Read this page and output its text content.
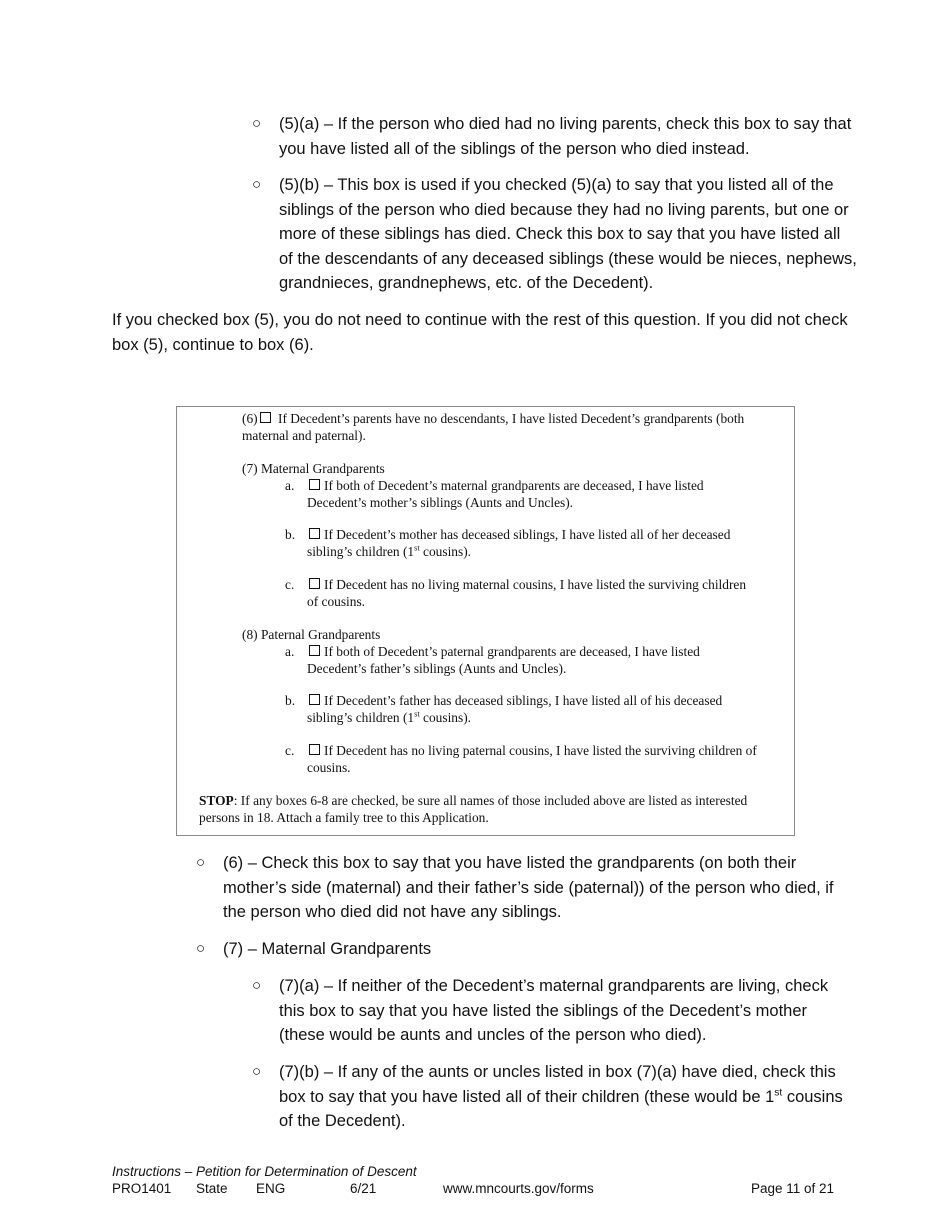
○ (5)(a) – If the person who died had no living parents, check this box to say that you have listed all of the siblings of the person who died instead.
○ (5)(b) – This box is used if you checked (5)(a) to say that you listed all of the siblings of the person who died because they had no living parents, but one or more of these siblings has died. Check this box to say that you have listed all of the descendants of any deceased siblings (these would be nieces, nephews, grandnieces, grandnephews, etc. of the Decedent).
If you checked box (5), you do not need to continue with the rest of this question. If you did not check box (5), continue to box (6).
(6) If Decedent’s parents have no descendants, I have listed Decedent’s grandparents (both maternal and paternal).
(7) Maternal Grandparents
a.	If both of Decedent’s maternal grandparents are deceased, I have listed Decedent’s mother’s siblings (Aunts and Uncles).
b.	If Decedent’s mother has deceased siblings, I have listed all of her deceased sibling’s children (1st cousins).
c.	If Decedent has no living maternal cousins, I have listed the surviving children of cousins.
(8) Paternal Grandparents
a.	If both of Decedent’s paternal grandparents are deceased, I have listed Decedent’s father’s siblings (Aunts and Uncles).
b.	If Decedent’s father has deceased siblings, I have listed all of his deceased sibling’s children (1st cousins).
c.	If Decedent has no living paternal cousins, I have listed the surviving children of cousins.
STOP: If any boxes 6-8 are checked, be sure all names of those included above are listed as interested persons in 18. Attach a family tree to this Application.
○ (6) – Check this box to say that you have listed the grandparents (on both their mother’s side (maternal) and their father’s side (paternal)) of the person who died, if the person who died did not have any siblings.
○ (7) – Maternal Grandparents
○ (7)(a) – If neither of the Decedent’s maternal grandparents are living, check this box to say that you have listed the siblings of the Decedent’s mother (these would be aunts and uncles of the person who died).
○ (7)(b) – If any of the aunts or uncles listed in box (7)(a) have died, check this box to say that you have listed all of their children (these would be 1st cousins of the Decedent).
Instructions – Petition for Determination of Descent
PRO1401 State ENG	6/21	www.mncourts.gov/forms	Page 11 of 21
